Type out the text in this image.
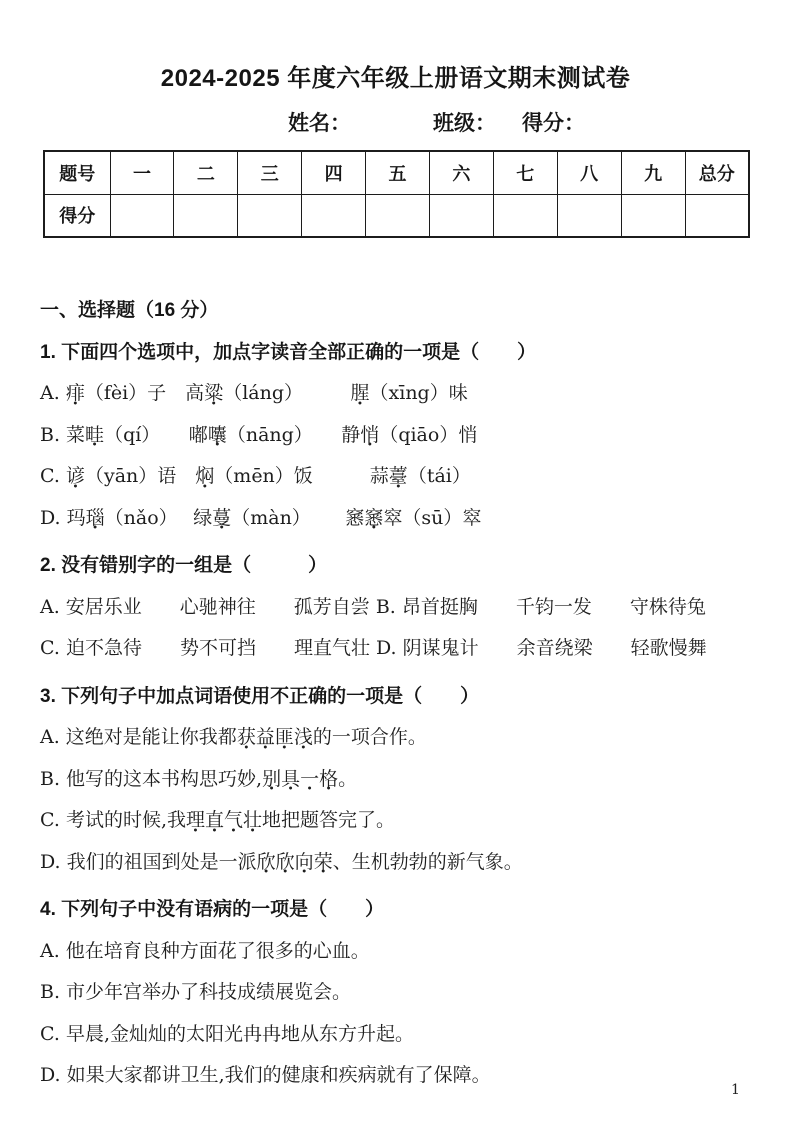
2024-2025 年度六年级上册语文期末测试卷
姓名：	班级： 得分：
题号	一	二	三	四	五	六	七	八	九	总分
得分										
一、选择题（16 分）
1. 下面四个选项中，加点字读音全部正确的一项是（　　）
A. 痱（fèi）子　高粱（láng）　　　腥（xīng）味
B. 菜畦（qí）　　嘟囔（nāng）　　静悄（qiāo）悄
C. 谚（yān）语　焖（mēn）饭　　　蒜薹（tái）
D. 玛瑙（nǎo）　 绿蔓（màn）　　 窸窸窣（sū）窣
2. 没有错别字的一组是（　　　）
A. 安居乐业　　心驰神往　　孤芳自尝 B. 昂首挺胸　　千钧一发　　守株待兔
C. 迫不急待　　势不可挡　　理直气壮 D. 阴谋鬼计　　余音绕梁　　轻歌慢舞
3. 下列句子中加点词语使用不正确的一项是（　　）
A. 这绝对是能让你我都获益匪浅的一项合作。
B. 他写的这本书构思巧妙,别具一格。
C. 考试的时候,我理直气壮地把题答完了。
D. 我们的祖国到处是一派欣欣向荣、生机勃勃的新气象。
4. 下列句子中没有语病的一项是（　　）
A. 他在培育良种方面花了很多的心血。
B. 市少年宫举办了科技成绩展览会。
C. 早晨,金灿灿的太阳光冉冉地从东方升起。
D. 如果大家都讲卫生,我们的健康和疾病就有了保障。
1
